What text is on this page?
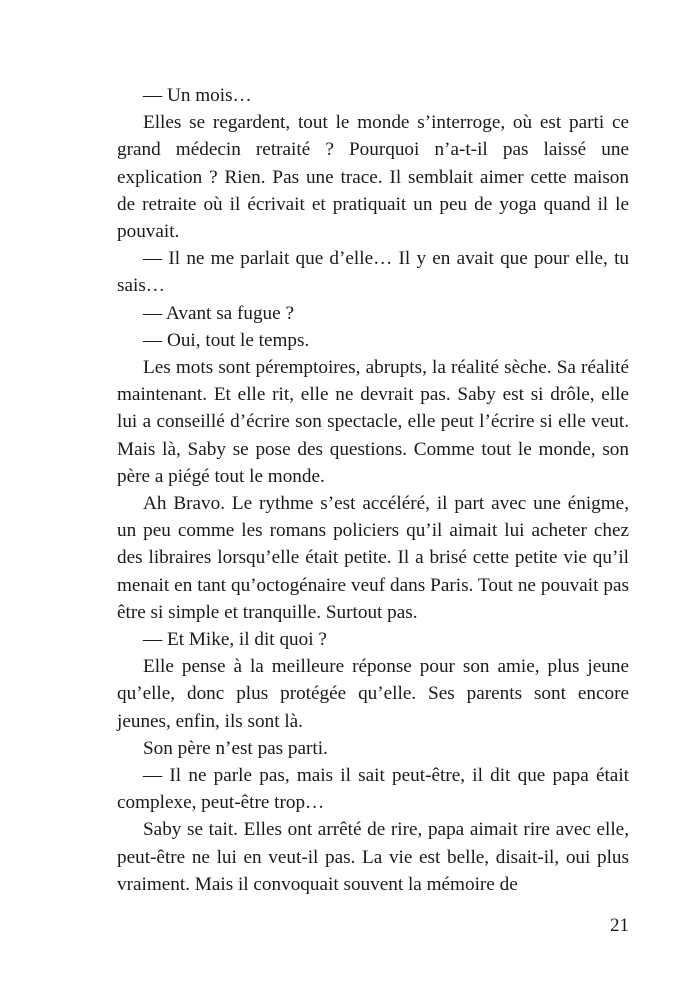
— Un mois…

Elles se regardent, tout le monde s’interroge, où est parti ce grand médecin retraité ? Pourquoi n’a-t-il pas laissé une explication ? Rien. Pas une trace. Il semblait aimer cette maison de retraite où il écrivait et pratiquait un peu de yoga quand il le pouvait.

— Il ne me parlait que d’elle… Il y en avait que pour elle, tu sais…

— Avant sa fugue ?

— Oui, tout le temps.

Les mots sont péremptoires, abrupts, la réalité sèche. Sa réalité maintenant. Et elle rit, elle ne devrait pas. Saby est si drôle, elle lui a conseillé d’écrire son spectacle, elle peut l’écrire si elle veut. Mais là, Saby se pose des questions. Comme tout le monde, son père a piégé tout le monde.

Ah Bravo. Le rythme s’est accéléré, il part avec une énigme, un peu comme les romans policiers qu’il aimait lui acheter chez des libraires lorsqu’elle était petite. Il a brisé cette petite vie qu’il menait en tant qu’octogénaire veuf dans Paris. Tout ne pouvait pas être si simple et tranquille. Surtout pas.

— Et Mike, il dit quoi ?

Elle pense à la meilleure réponse pour son amie, plus jeune qu’elle, donc plus protégée qu’elle. Ses parents sont encore jeunes, enfin, ils sont là.

Son père n’est pas parti.

— Il ne parle pas, mais il sait peut-être, il dit que papa était complexe, peut-être trop…

Saby se tait. Elles ont arrêté de rire, papa aimait rire avec elle, peut-être ne lui en veut-il pas. La vie est belle, disait-il, oui plus vraiment. Mais il convoquait souvent la mémoire de

21
